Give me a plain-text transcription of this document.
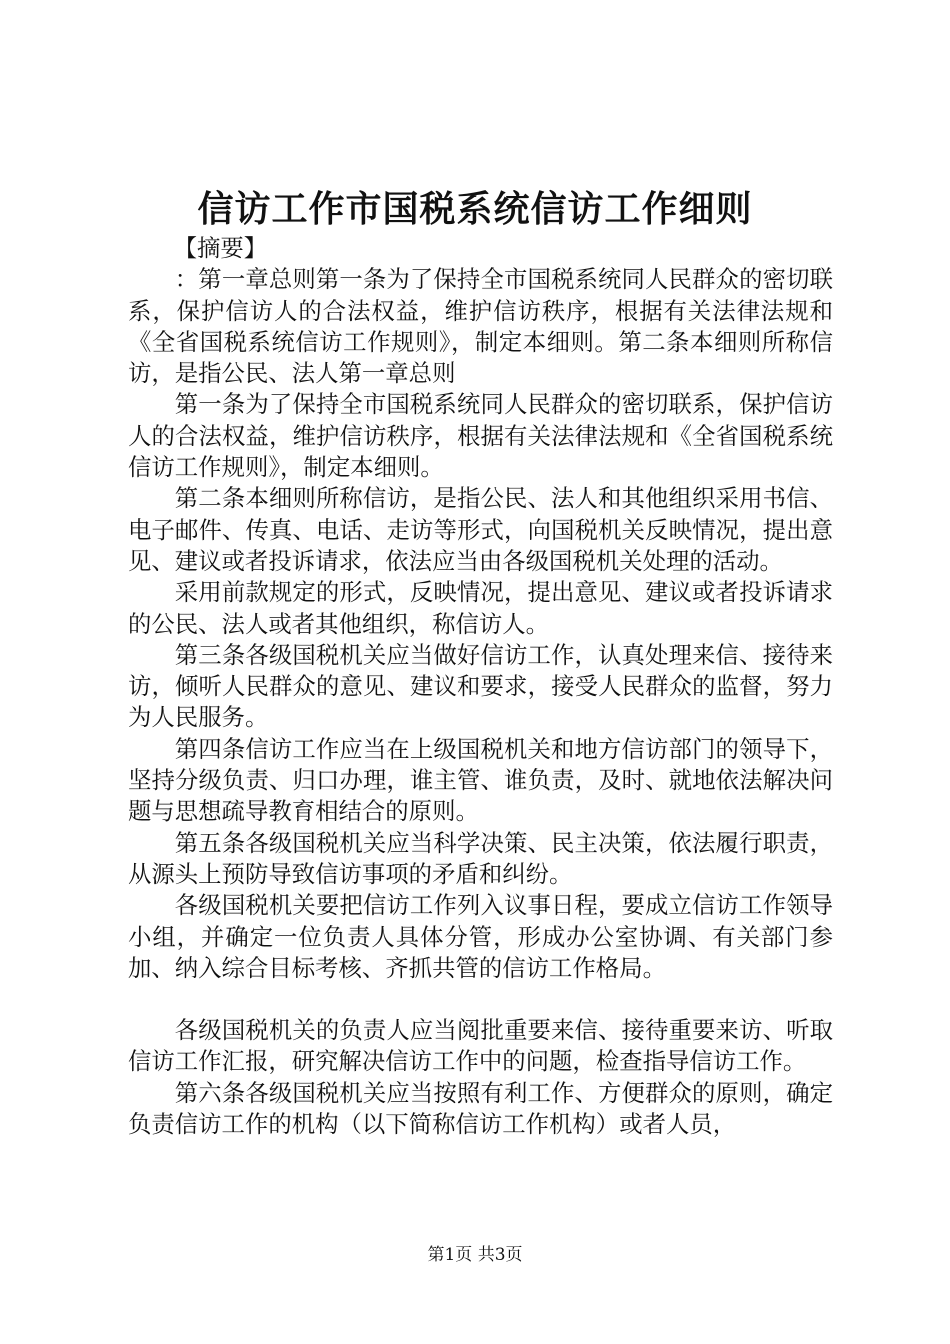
信访工作市国税系统信访工作细则

【摘要】

：第一章总则第一条为了保持全市国税系统同人民群众的密切联系，保护信访人的合法权益，维护信访秩序，根据有关法律法规和《全省国税系统信访工作规则》，制定本细则。第二条本细则所称信访，是指公民、法人第一章总则

第一条为了保持全市国税系统同人民群众的密切联系，保护信访人的合法权益，维护信访秩序，根据有关法律法规和《全省国税系统信访工作规则》，制定本细则。

第二条本细则所称信访，是指公民、法人和其他组织采用书信、电子邮件、传真、电话、走访等形式，向国税机关反映情况，提出意见、建议或者投诉请求，依法应当由各级国税机关处理的活动。

采用前款规定的形式，反映情况，提出意见、建议或者投诉请求的公民、法人或者其他组织，称信访人。

第三条各级国税机关应当做好信访工作，认真处理来信、接待来访，倾听人民群众的意见、建议和要求，接受人民群众的监督，努力为人民服务。

第四条信访工作应当在上级国税机关和地方信访部门的领导下，坚持分级负责、归口办理，谁主管、谁负责，及时、就地依法解决问题与思想疏导教育相结合的原则。

第五条各级国税机关应当科学决策、民主决策，依法履行职责，从源头上预防导致信访事项的矛盾和纠纷。

各级国税机关要把信访工作列入议事日程，要成立信访工作领导小组，并确定一位负责人具体分管，形成办公室协调、有关部门参加、纳入综合目标考核、齐抓共管的信访工作格局。

各级国税机关的负责人应当阅批重要来信、接待重要来访、听取信访工作汇报，研究解决信访工作中的问题，检查指导信访工作。

第六条各级国税机关应当按照有利工作、方便群众的原则，确定负责信访工作的机构（以下简称信访工作机构）或者人员，

第1页 共3页
